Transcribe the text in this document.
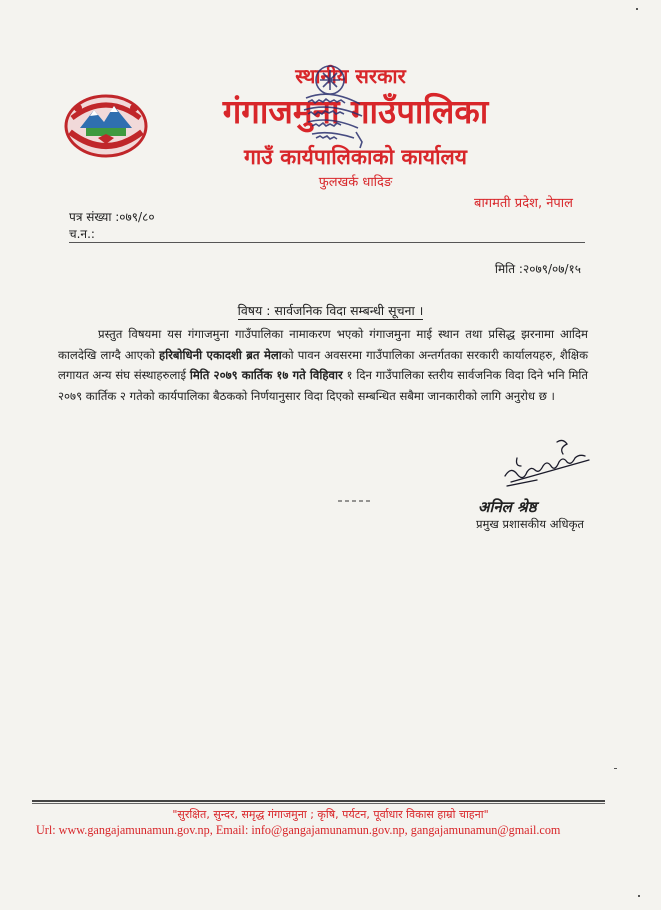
स्थानीय सरकार
गंगाजमुना गाउँपालिका
गाउँ कार्यपालिकाको कार्यालय
फुलखर्क धादिङ
बागमती प्रदेश, नेपाल
पत्र संख्या :०७९/८०
च.न.:
मिति :२०७९/०७/१५
विषय : सार्वजनिक विदा सम्बन्धी सूचना ।

प्रस्तुत विषयमा यस गंगाजमुना गाउँपालिका नामाकरण भएको गंगाजमुना माई स्थान तथा प्रसिद्ध झरनामा आदिम कालदेखि लाग्दै आएको हरिबोधिनी एकादशी ब्रत मेलाको पावन अवसरमा गाउँपालिका अन्तर्गतका सरकारी कार्यालयहरु, शैक्षिक लगायत अन्य संघ संस्थाहरुलाई मिति २०७९ कार्तिक १७ गते विहिवार १ दिन गाउँपालिका स्तरीय सार्वजनिक विदा दिने भनि मिति २०७९ कार्तिक २ गतेको कार्यपालिका बैठकको निर्णयानुसार विदा दिएको सम्बन्धित सबैमा जानकारीको लागि अनुरोध छ ।

अनिल श्रेष्ठ
प्रमुख प्रशासकीय अधिकृत
"सुरक्षित, सुन्दर, समृद्ध गंगाजमुना ; कृषि, पर्यटन, पूर्वाधार विकास हाम्रो चाहना"
Url: www.gangajamunamun.gov.np, Email: info@gangajamunamun.gov.np, gangajamunamun@gmail.com
